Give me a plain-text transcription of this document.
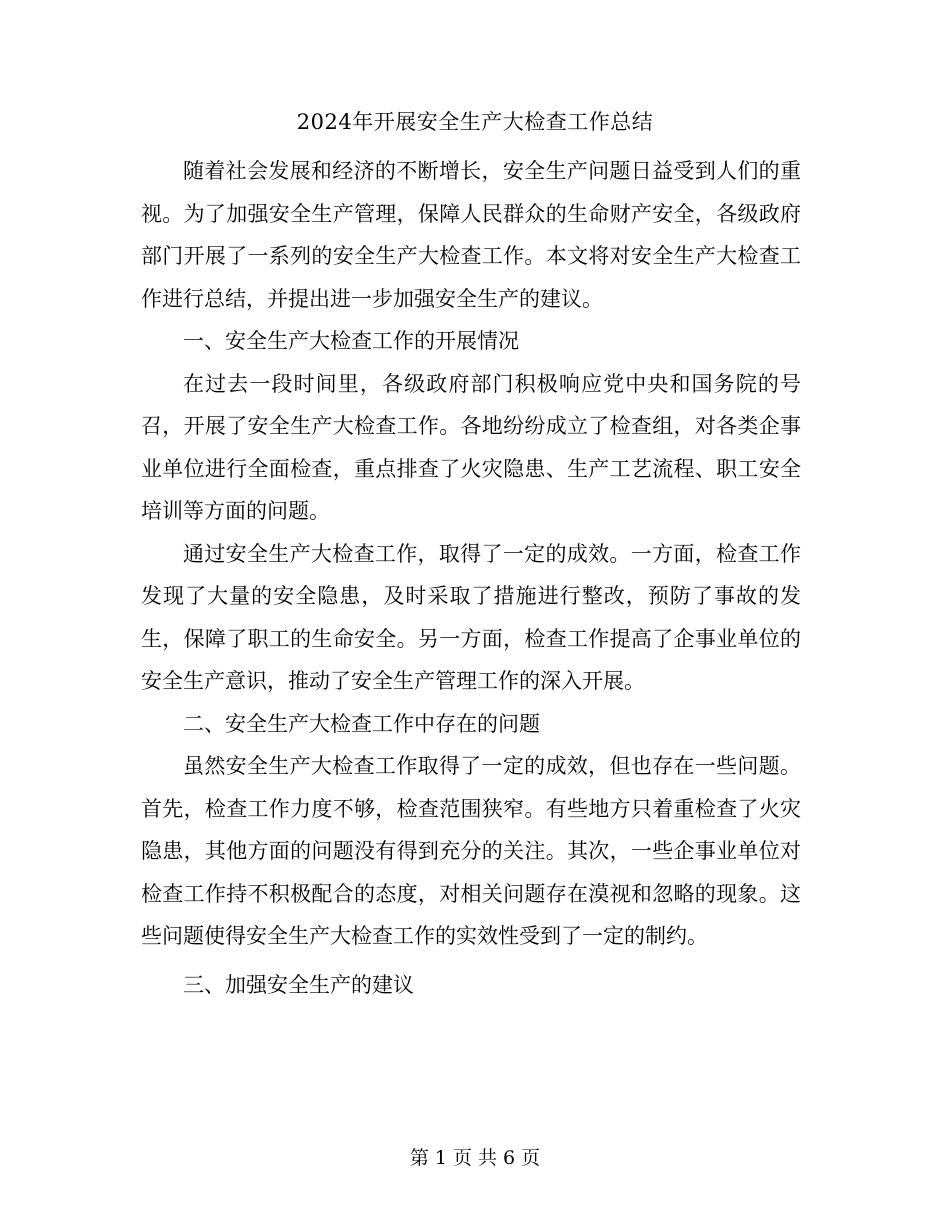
2024年开展安全生产大检查工作总结

随着社会发展和经济的不断增长，安全生产问题日益受到人们的重视。为了加强安全生产管理，保障人民群众的生命财产安全，各级政府部门开展了一系列的安全生产大检查工作。本文将对安全生产大检查工作进行总结，并提出进一步加强安全生产的建议。

一、安全生产大检查工作的开展情况

在过去一段时间里，各级政府部门积极响应党中央和国务院的号召，开展了安全生产大检查工作。各地纷纷成立了检查组，对各类企事业单位进行全面检查，重点排查了火灾隐患、生产工艺流程、职工安全培训等方面的问题。

通过安全生产大检查工作，取得了一定的成效。一方面，检查工作发现了大量的安全隐患，及时采取了措施进行整改，预防了事故的发生，保障了职工的生命安全。另一方面，检查工作提高了企事业单位的安全生产意识，推动了安全生产管理工作的深入开展。

二、安全生产大检查工作中存在的问题

虽然安全生产大检查工作取得了一定的成效，但也存在一些问题。首先，检查工作力度不够，检查范围狭窄。有些地方只着重检查了火灾隐患，其他方面的问题没有得到充分的关注。其次，一些企事业单位对检查工作持不积极配合的态度，对相关问题存在漠视和忽略的现象。这些问题使得安全生产大检查工作的实效性受到了一定的制约。

三、加强安全生产的建议

第 1 页 共 6 页
